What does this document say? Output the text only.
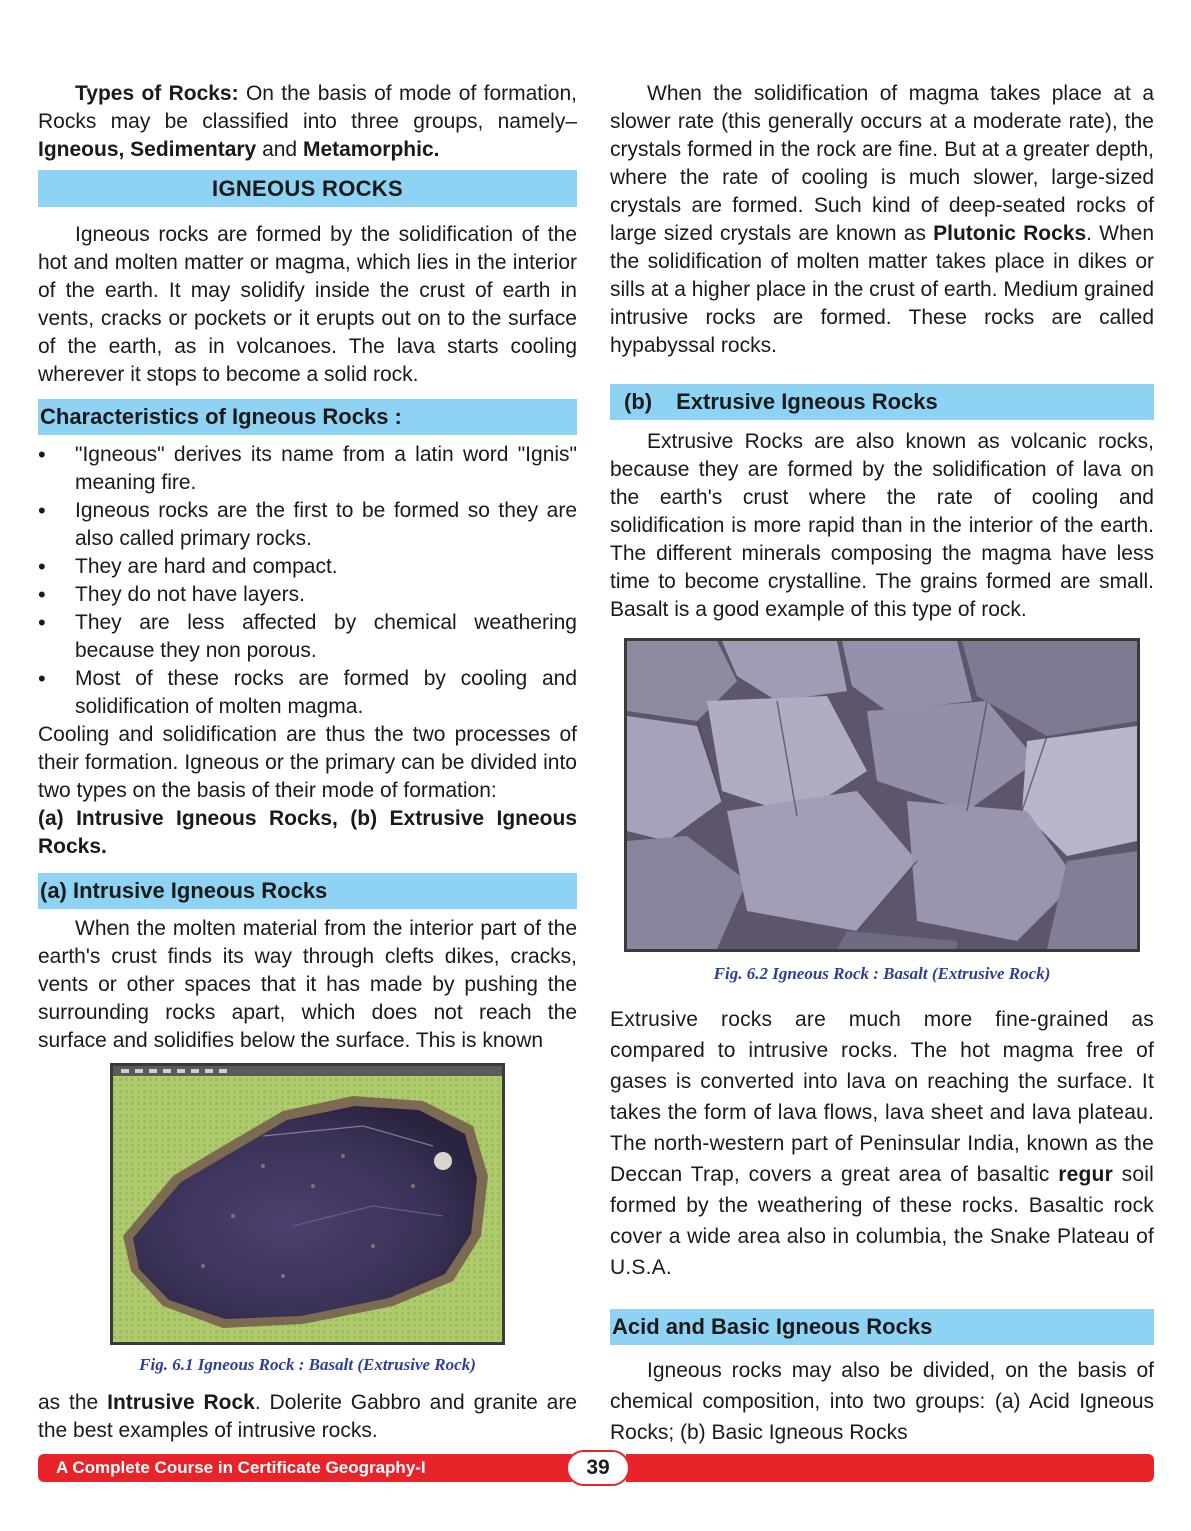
Types of Rocks: On the basis of mode of formation, Rocks may be classified into three groups, namely– Igneous, Sedimentary and Metamorphic.

IGNEOUS ROCKS

Igneous rocks are formed by the solidification of the hot and molten matter or magma, which lies in the interior of the earth. It may solidify inside the crust of earth in vents, cracks or pockets or it erupts out on to the surface of the earth, as in volcanoes. The lava starts cooling wherever it stops to become a solid rock.

Characteristics of Igneous Rocks :
• "Igneous" derives its name from a latin word "Ignis" meaning fire.
• Igneous rocks are the first to be formed so they are also called primary rocks.
• They are hard and compact.
• They do not have layers.
• They are less affected by chemical weathering because they non porous.
• Most of these rocks are formed by cooling and solidification of molten magma.

Cooling and solidification are thus the two processes of their formation. Igneous or the primary can be divided into two types on the basis of their mode of formation:

(a) Intrusive Igneous Rocks, (b) Extrusive Igneous Rocks.

(a) Intrusive Igneous Rocks

When the molten material from the interior part of the earth's crust finds its way through clefts dikes, cracks, vents or other spaces that it has made by pushing the surrounding rocks apart, which does not reach the surface and solidifies below the surface. This is known

Fig. 6.1 Igneous Rock : Basalt (Extrusive Rock)

as the Intrusive Rock. Dolerite Gabbro and granite are the best examples of intrusive rocks.

When the solidification of magma takes place at a slower rate (this generally occurs at a moderate rate), the crystals formed in the rock are fine. But at a greater depth, where the rate of cooling is much slower, large-sized crystals are formed. Such kind of deep-seated rocks of large sized crystals are known as Plutonic Rocks. When the solidification of molten matter takes place in dikes or sills at a higher place in the crust of earth. Medium grained intrusive rocks are formed. These rocks are called hypabyssal rocks.

(b) Extrusive Igneous Rocks

Extrusive Rocks are also known as volcanic rocks, because they are formed by the solidification of lava on the earth's crust where the rate of cooling and solidification is more rapid than in the interior of the earth. The different minerals composing the magma have less time to become crystalline. The grains formed are small. Basalt is a good example of this type of rock.

Fig. 6.2 Igneous Rock : Basalt (Extrusive Rock)

Extrusive rocks are much more fine-grained as compared to intrusive rocks. The hot magma free of gases is converted into lava on reaching the surface. It takes the form of lava flows, lava sheet and lava plateau. The north-western part of Peninsular India, known as the Deccan Trap, covers a great area of basaltic regur soil formed by the weathering of these rocks. Basaltic rock cover a wide area also in columbia, the Snake Plateau of U.S.A.

Acid and Basic Igneous Rocks

Igneous rocks may also be divided, on the basis of chemical composition, into two groups: (a) Acid Igneous Rocks; (b) Basic Igneous Rocks

A Complete Course in Certificate Geography-I	39
